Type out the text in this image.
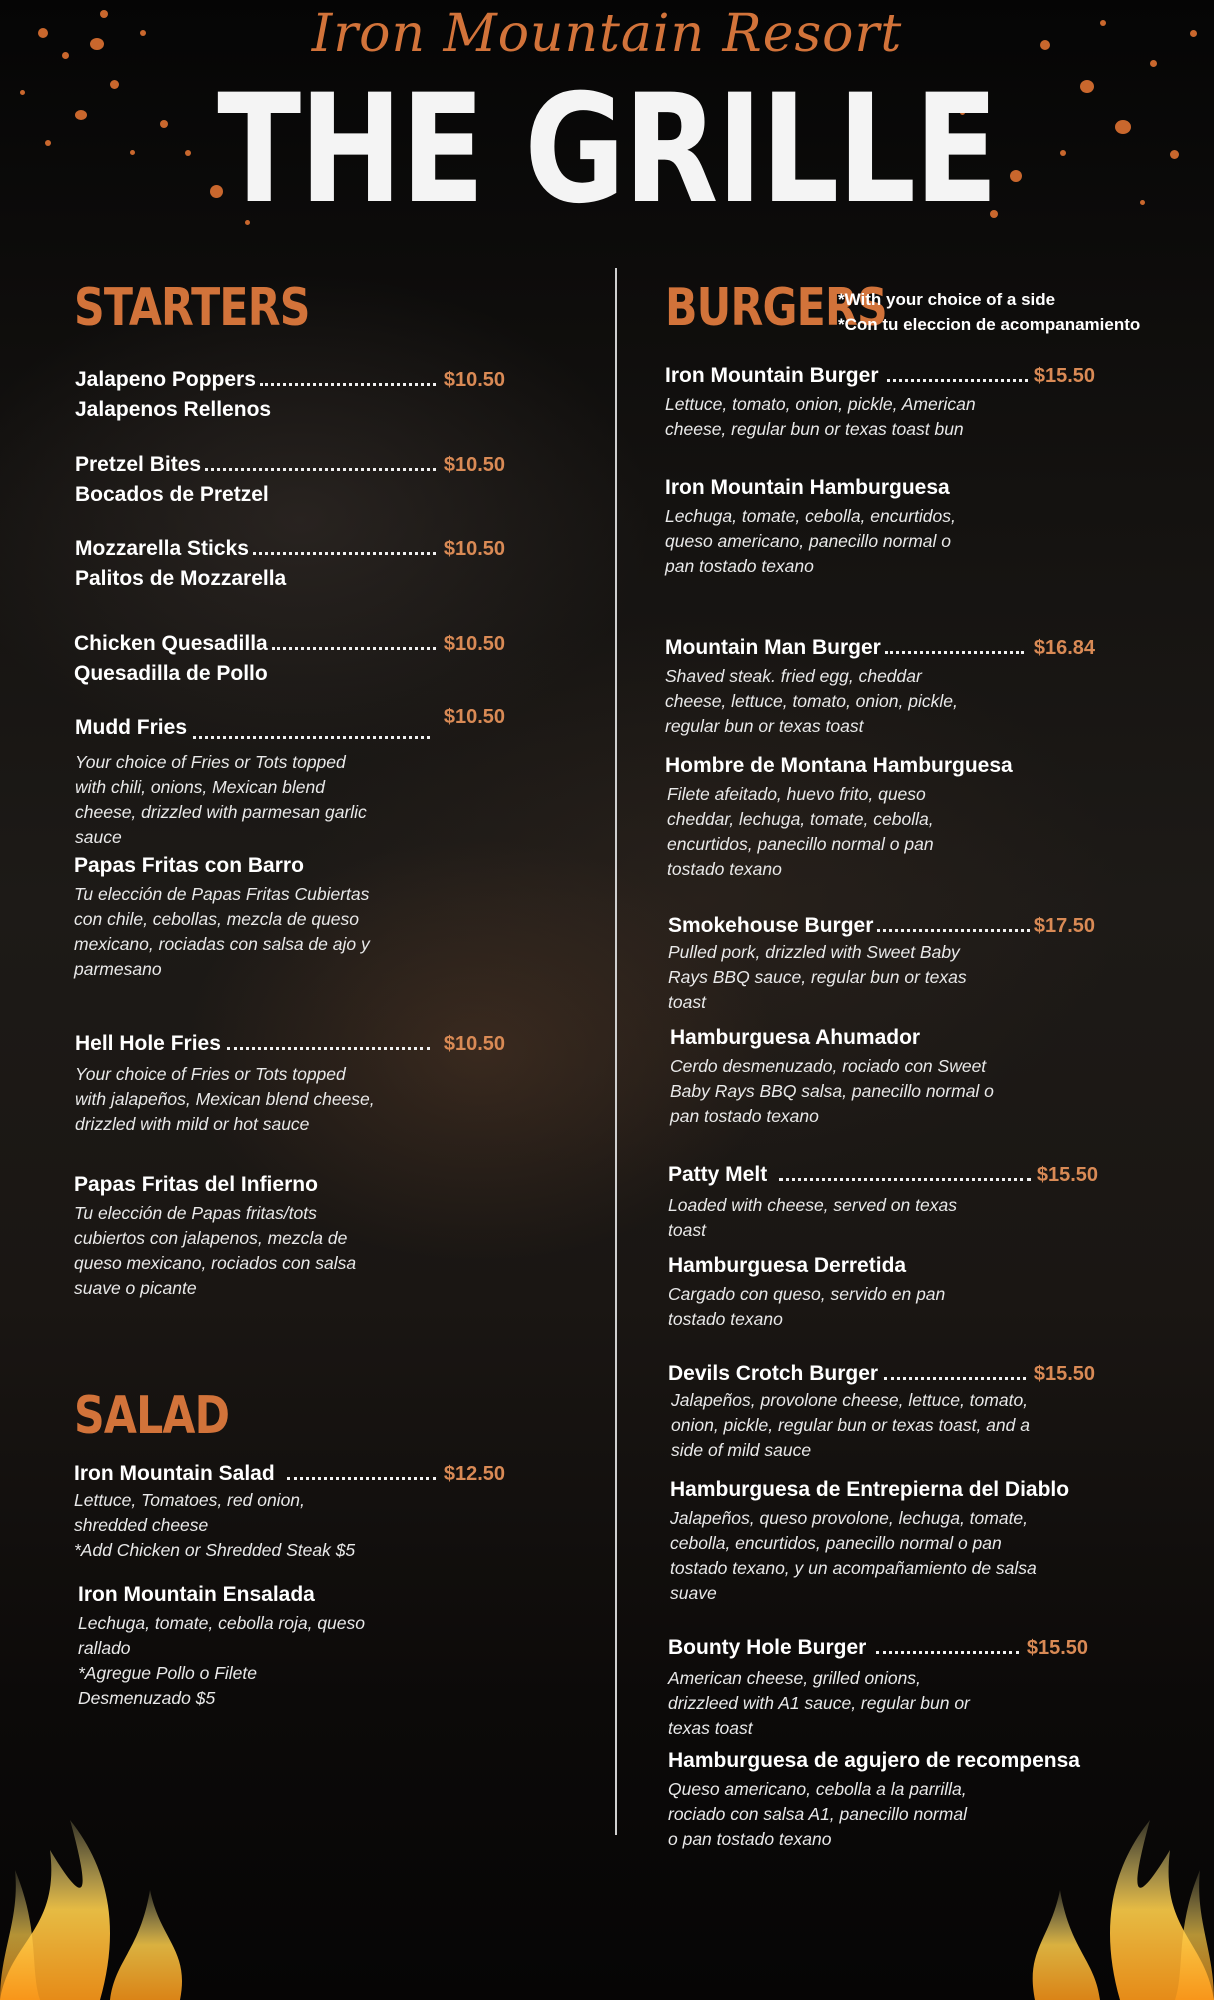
Iron Mountain Resort
THE GRILLE
STARTERS
Jalapeno Poppers	$10.50
Jalapenos Rellenos
Pretzel Bites	$10.50
Bocados de Pretzel
Mozzarella Sticks	$10.50
Palitos de Mozzarella
Chicken Quesadilla	$10.50
Quesadilla de Pollo
Mudd Fries	$10.50
Your choice of Fries or Tots topped with chili, onions, Mexican blend cheese, drizzled with parmesan garlic sauce
Papas Fritas con Barro
Tu elección de Papas Fritas Cubiertas con chile, cebollas, mezcla de queso mexicano, rociadas con salsa de ajo y parmesano
Hell Hole Fries	$10.50
Your choice of Fries or Tots topped with jalapeños, Mexican blend cheese, drizzled with mild or hot sauce
Papas Fritas del Infierno
Tu elección de Papas fritas/tots cubiertos con jalapenos, mezcla de queso mexicano, rociados con salsa suave o picante
SALAD
Iron Mountain Salad	$12.50
Lettuce, Tomatoes, red onion, shredded cheese
*Add Chicken or Shredded Steak $5
Iron Mountain Ensalada
Lechuga, tomate, cebolla roja, queso rallado
*Agregue Pollo o Filete Desmenuzado $5
BURGERS
*With your choice of a side
*Con tu eleccion de acompanamiento
Iron Mountain Burger	$15.50
Lettuce, tomato, onion, pickle, American cheese, regular bun or texas toast bun
Iron Mountain Hamburguesa
Lechuga, tomate, cebolla, encurtidos, queso americano, panecillo normal o pan tostado texano
Mountain Man Burger	$16.84
Shaved steak. fried egg, cheddar cheese, lettuce, tomato, onion, pickle, regular bun or texas toast
Hombre de Montana Hamburguesa
Filete afeitado, huevo frito, queso cheddar, lechuga, tomate, cebolla, encurtidos, panecillo normal o pan tostado texano
Smokehouse Burger	$17.50
Pulled pork, drizzled with Sweet Baby Rays BBQ sauce, regular bun or texas toast
Hamburguesa Ahumador
Cerdo desmenuzado, rociado con Sweet Baby Rays BBQ salsa, panecillo normal o pan tostado texano
Patty Melt	$15.50
Loaded with cheese, served on texas toast
Hamburguesa Derretida
Cargado con queso, servido en pan tostado texano
Devils Crotch Burger	$15.50
Jalapeños, provolone cheese, lettuce, tomato, onion, pickle, regular bun or texas toast, and a side of mild sauce
Hamburguesa de Entrepierna del Diablo
Jalapeños, queso provolone, lechuga, tomate, cebolla, encurtidos, panecillo normal o pan tostado texano, y un acompañamiento de salsa suave
Bounty Hole Burger	$15.50
American cheese, grilled onions, drizzleed with A1 sauce, regular bun or texas toast
Hamburguesa de agujero de recompensa
Queso americano, cebolla a la parrilla, rociado con salsa A1, panecillo normal o pan tostado texano
